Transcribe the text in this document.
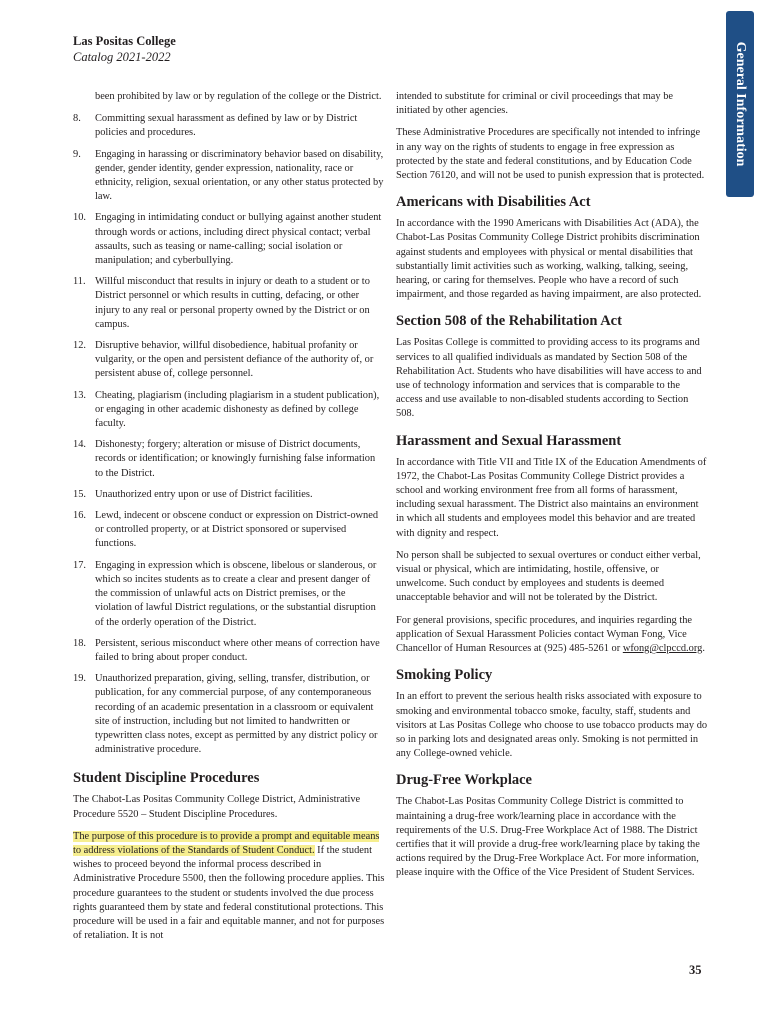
Las Positas College
Catalog 2021-2022	General Information

been prohibited by law or by regulation of the college or the District.

8. Committing sexual harassment as defined by law or by District policies and procedures.
9. Engaging in harassing or discriminatory behavior based on disability, gender, gender identity, gender expression, nationality, race or ethnicity, religion, sexual orientation, or any other status protected by law.
10. Engaging in intimidating conduct or bullying against another student through words or actions, including direct physical contact; verbal assaults, such as teasing or name-calling; social isolation or manipulation; and cyberbullying.
11. Willful misconduct that results in injury or death to a student or to District personnel or which results in cutting, defacing, or other injury to any real or personal property owned by the District or on campus.
12. Disruptive behavior, willful disobedience, habitual profanity or vulgarity, or the open and persistent defiance of the authority of, or persistent abuse of, college personnel.
13. Cheating, plagiarism (including plagiarism in a student publication), or engaging in other academic dishonesty as defined by college faculty.
14. Dishonesty; forgery; alteration or misuse of District documents, records or identification; or knowingly furnishing false information to the District.
15. Unauthorized entry upon or use of District facilities.
16. Lewd, indecent or obscene conduct or expression on District-owned or controlled property, or at District sponsored or supervised functions.
17. Engaging in expression which is obscene, libelous or slanderous, or which so incites students as to create a clear and present danger of the commission of unlawful acts on District premises, or the violation of lawful District regulations, or the substantial disruption of the orderly operation of the District.
18. Persistent, serious misconduct where other means of correction have failed to bring about proper conduct.
19. Unauthorized preparation, giving, selling, transfer, distribution, or publication, for any commercial purpose, of any contemporaneous recording of an academic presentation in a classroom or equivalent site of instruction, including but not limited to handwritten or typewritten class notes, except as permitted by any district policy or administrative procedure.
Student Discipline Procedures

The Chabot-Las Positas Community College District, Administrative Procedure 5520 – Student Discipline Procedures.

The purpose of this procedure is to provide a prompt and equitable means to address violations of the Standards of Student Conduct. If the student wishes to proceed beyond the informal process described in Administrative Procedure 5500, then the following procedure applies. This procedure guarantees to the student or students involved the due process rights guaranteed them by state and federal constitutional protections. This procedure will be used in a fair and equitable manner, and not for purposes of retaliation. It is not

intended to substitute for criminal or civil proceedings that may be initiated by other agencies.

These Administrative Procedures are specifically not intended to infringe in any way on the rights of students to engage in free expression as protected by the state and federal constitutions, and by Education Code Section 76120, and will not be used to punish expression that is protected.

Americans with Disabilities Act

In accordance with the 1990 Americans with Disabilities Act (ADA), the Chabot-Las Positas Community College District prohibits discrimination against students and employees with physical or mental disabilities that substantially limit activities such as working, walking, talking, seeing, hearing, or caring for themselves. People who have a record of such impairment, and those regarded as having impairment, are also protected.

Section 508 of the Rehabilitation Act

Las Positas College is committed to providing access to its programs and services to all qualified individuals as mandated by Section 508 of the Rehabilitation Act. Students who have disabilities will have access to and use of technology information and services that is comparable to the access and use available to non-disabled students according to Section 508.

Harassment and Sexual Harassment

In accordance with Title VII and Title IX of the Education Amendments of 1972, the Chabot-Las Positas Community College District provides a school and working environment free from all forms of harassment, including sexual harassment. The District also maintains an environment in which all students and employees model this behavior and are treated with dignity and respect.

No person shall be subjected to sexual overtures or conduct either verbal, visual or physical, which are intimidating, hostile, offensive, or unwelcome. Such conduct by employees and students is deemed unacceptable behavior and will not be tolerated by the District.

For general provisions, specific procedures, and inquiries regarding the application of Sexual Harassment Policies contact Wyman Fong, Vice Chancellor of Human Resources at (925) 485-5261 or wfong@clpccd.org.

Smoking Policy

In an effort to prevent the serious health risks associated with exposure to smoking and environmental tobacco smoke, faculty, staff, students and visitors at Las Positas College who choose to use tobacco products may do so in parking lots and designated areas only. Smoking is not permitted in any College-owned vehicle.

Drug-Free Workplace

The Chabot-Las Positas Community College District is committed to maintaining a drug-free work/learning place in accordance with the requirements of the U.S. Drug-Free Workplace Act of 1988. The District certifies that it will provide a drug-free work/learning place by taking the actions required by the Drug-Free Workplace Act. For more information, please inquire with the Office of the Vice President of Student Services.

35
